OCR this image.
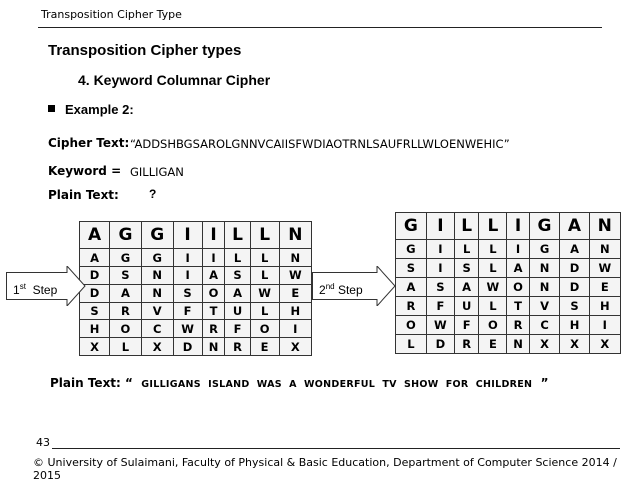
Transposition Cipher Type
Transposition Cipher types
4. Keyword Columnar Cipher
Example 2:
Cipher Text: “ADDSHBGSAROLGNNVCAIISFWDIAOTRNLSAUFRLLWLOENWEHIC”
Keyword = GILLIGAN
Plain Text:	?
A	G	G	I	I	L	L	N
A	G	G	I	I	L	L	N
D	S	N	I	A	S	L	W
D	A	N	S	O	A	W	E
S	R	V	F	T	U	L	H
H	O	C	W	R	F	O	I
X	L	X	D	N	R	E	X
G	I	L	L	I	G	A	N
G	I	L	L	I	G	A	N
S	I	S	L	A	N	D	W
A	S	A	W	O	N	D	E
R	F	U	L	T	V	S	H
O	W	F	O	R	C	H	I
L	D	R	E	N	X	X	X
1st Step	2nd Step
Plain Text: “ GILLIGANS  ISLAND  WAS  A  WONDERFUL  TV  SHOW  FOR  CHILDREN ”
43
© University of Sulaimani, Faculty of Physical & Basic Education, Department of Computer Science 2014 / 2015
